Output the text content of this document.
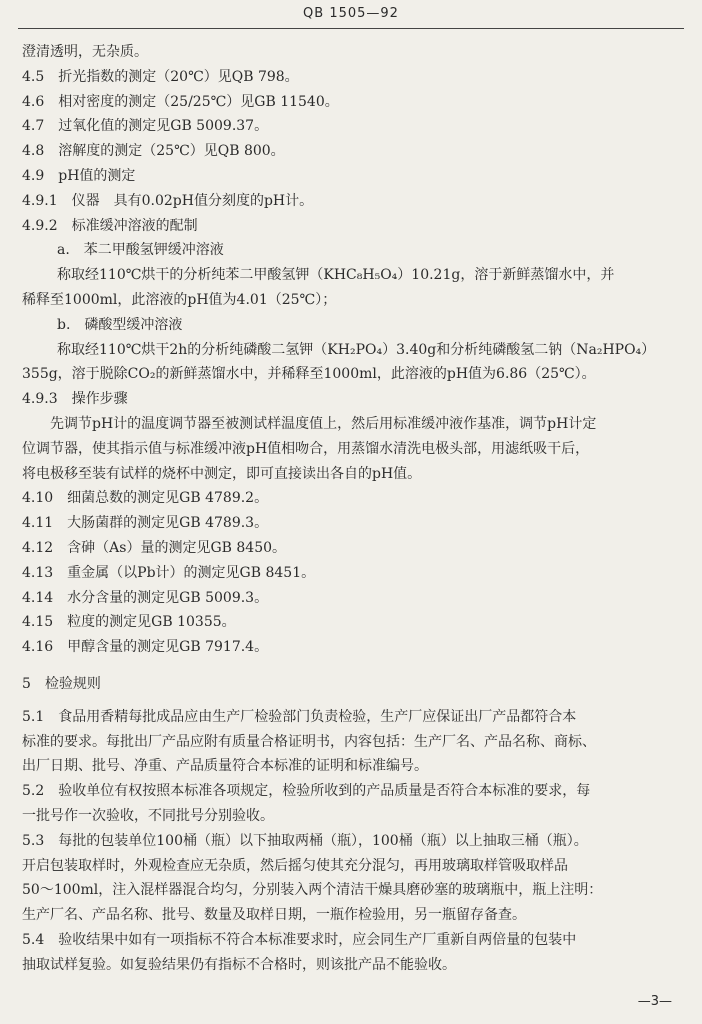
QB 1505—92
澄清透明，无杂质。
4.5　折光指数的测定（20℃）见QB 798。
4.6　相对密度的测定（25/25℃）见GB 11540。
4.7　过氧化值的测定见GB 5009.37。
4.8　溶解度的测定（25℃）见QB 800。
4.9　pH值的测定
4.9.1　仪器　具有0.02pH值分刻度的pH计。
4.9.2　标准缓冲溶液的配制
a.　苯二甲酸氢钾缓冲溶液
称取经110℃烘干的分析纯苯二甲酸氢钾（KHC₈H₅O₄）10.21g，溶于新鲜蒸馏水中，并
稀释至1000ml，此溶液的pH值为4.01（25℃）；
b.　磷酸型缓冲溶液
称取经110℃烘干2h的分析纯磷酸二氢钾（KH₂PO₄）3.40g和分析纯磷酸氢二钠（Na₂HPO₄）
355g，溶于脱除CO₂的新鲜蒸馏水中，并稀释至1000ml，此溶液的pH值为6.86（25℃）。
4.9.3　操作步骤
先调节pH计的温度调节器至被测试样温度值上，然后用标准缓冲液作基准，调节pH计定
位调节器，使其指示值与标准缓冲液pH值相吻合，用蒸馏水清洗电极头部，用滤纸吸干后，
将电极移至装有试样的烧杯中测定，即可直接读出各自的pH值。
4.10　细菌总数的测定见GB 4789.2。
4.11　大肠菌群的测定见GB 4789.3。
4.12　含砷（As）量的测定见GB 8450。
4.13　重金属（以Pb计）的测定见GB 8451。
4.14　水分含量的测定见GB 5009.3。
4.15　粒度的测定见GB 10355。
4.16　甲醇含量的测定见GB 7917.4。
5　检验规则
5.1　食品用香精每批成品应由生产厂检验部门负责检验，生产厂应保证出厂产品都符合本
标准的要求。每批出厂产品应附有质量合格证明书，内容包括：生产厂名、产品名称、商标、
出厂日期、批号、净重、产品质量符合本标准的证明和标准编号。
5.2　验收单位有权按照本标准各项规定，检验所收到的产品质量是否符合本标准的要求，每
一批号作一次验收，不同批号分别验收。
5.3　每批的包装单位100桶（瓶）以下抽取两桶（瓶），100桶（瓶）以上抽取三桶（瓶）。
开启包装取样时，外观检查应无杂质，然后摇匀使其充分混匀，再用玻璃取样管吸取样品
50～100ml，注入混样器混合均匀，分别装入两个清洁干燥具磨砂塞的玻璃瓶中，瓶上注明：
生产厂名、产品名称、批号、数量及取样日期，一瓶作检验用，另一瓶留存备查。
5.4　验收结果中如有一项指标不符合本标准要求时，应会同生产厂重新自两倍量的包装中
抽取试样复验。如复验结果仍有指标不合格时，则该批产品不能验收。
—3—
